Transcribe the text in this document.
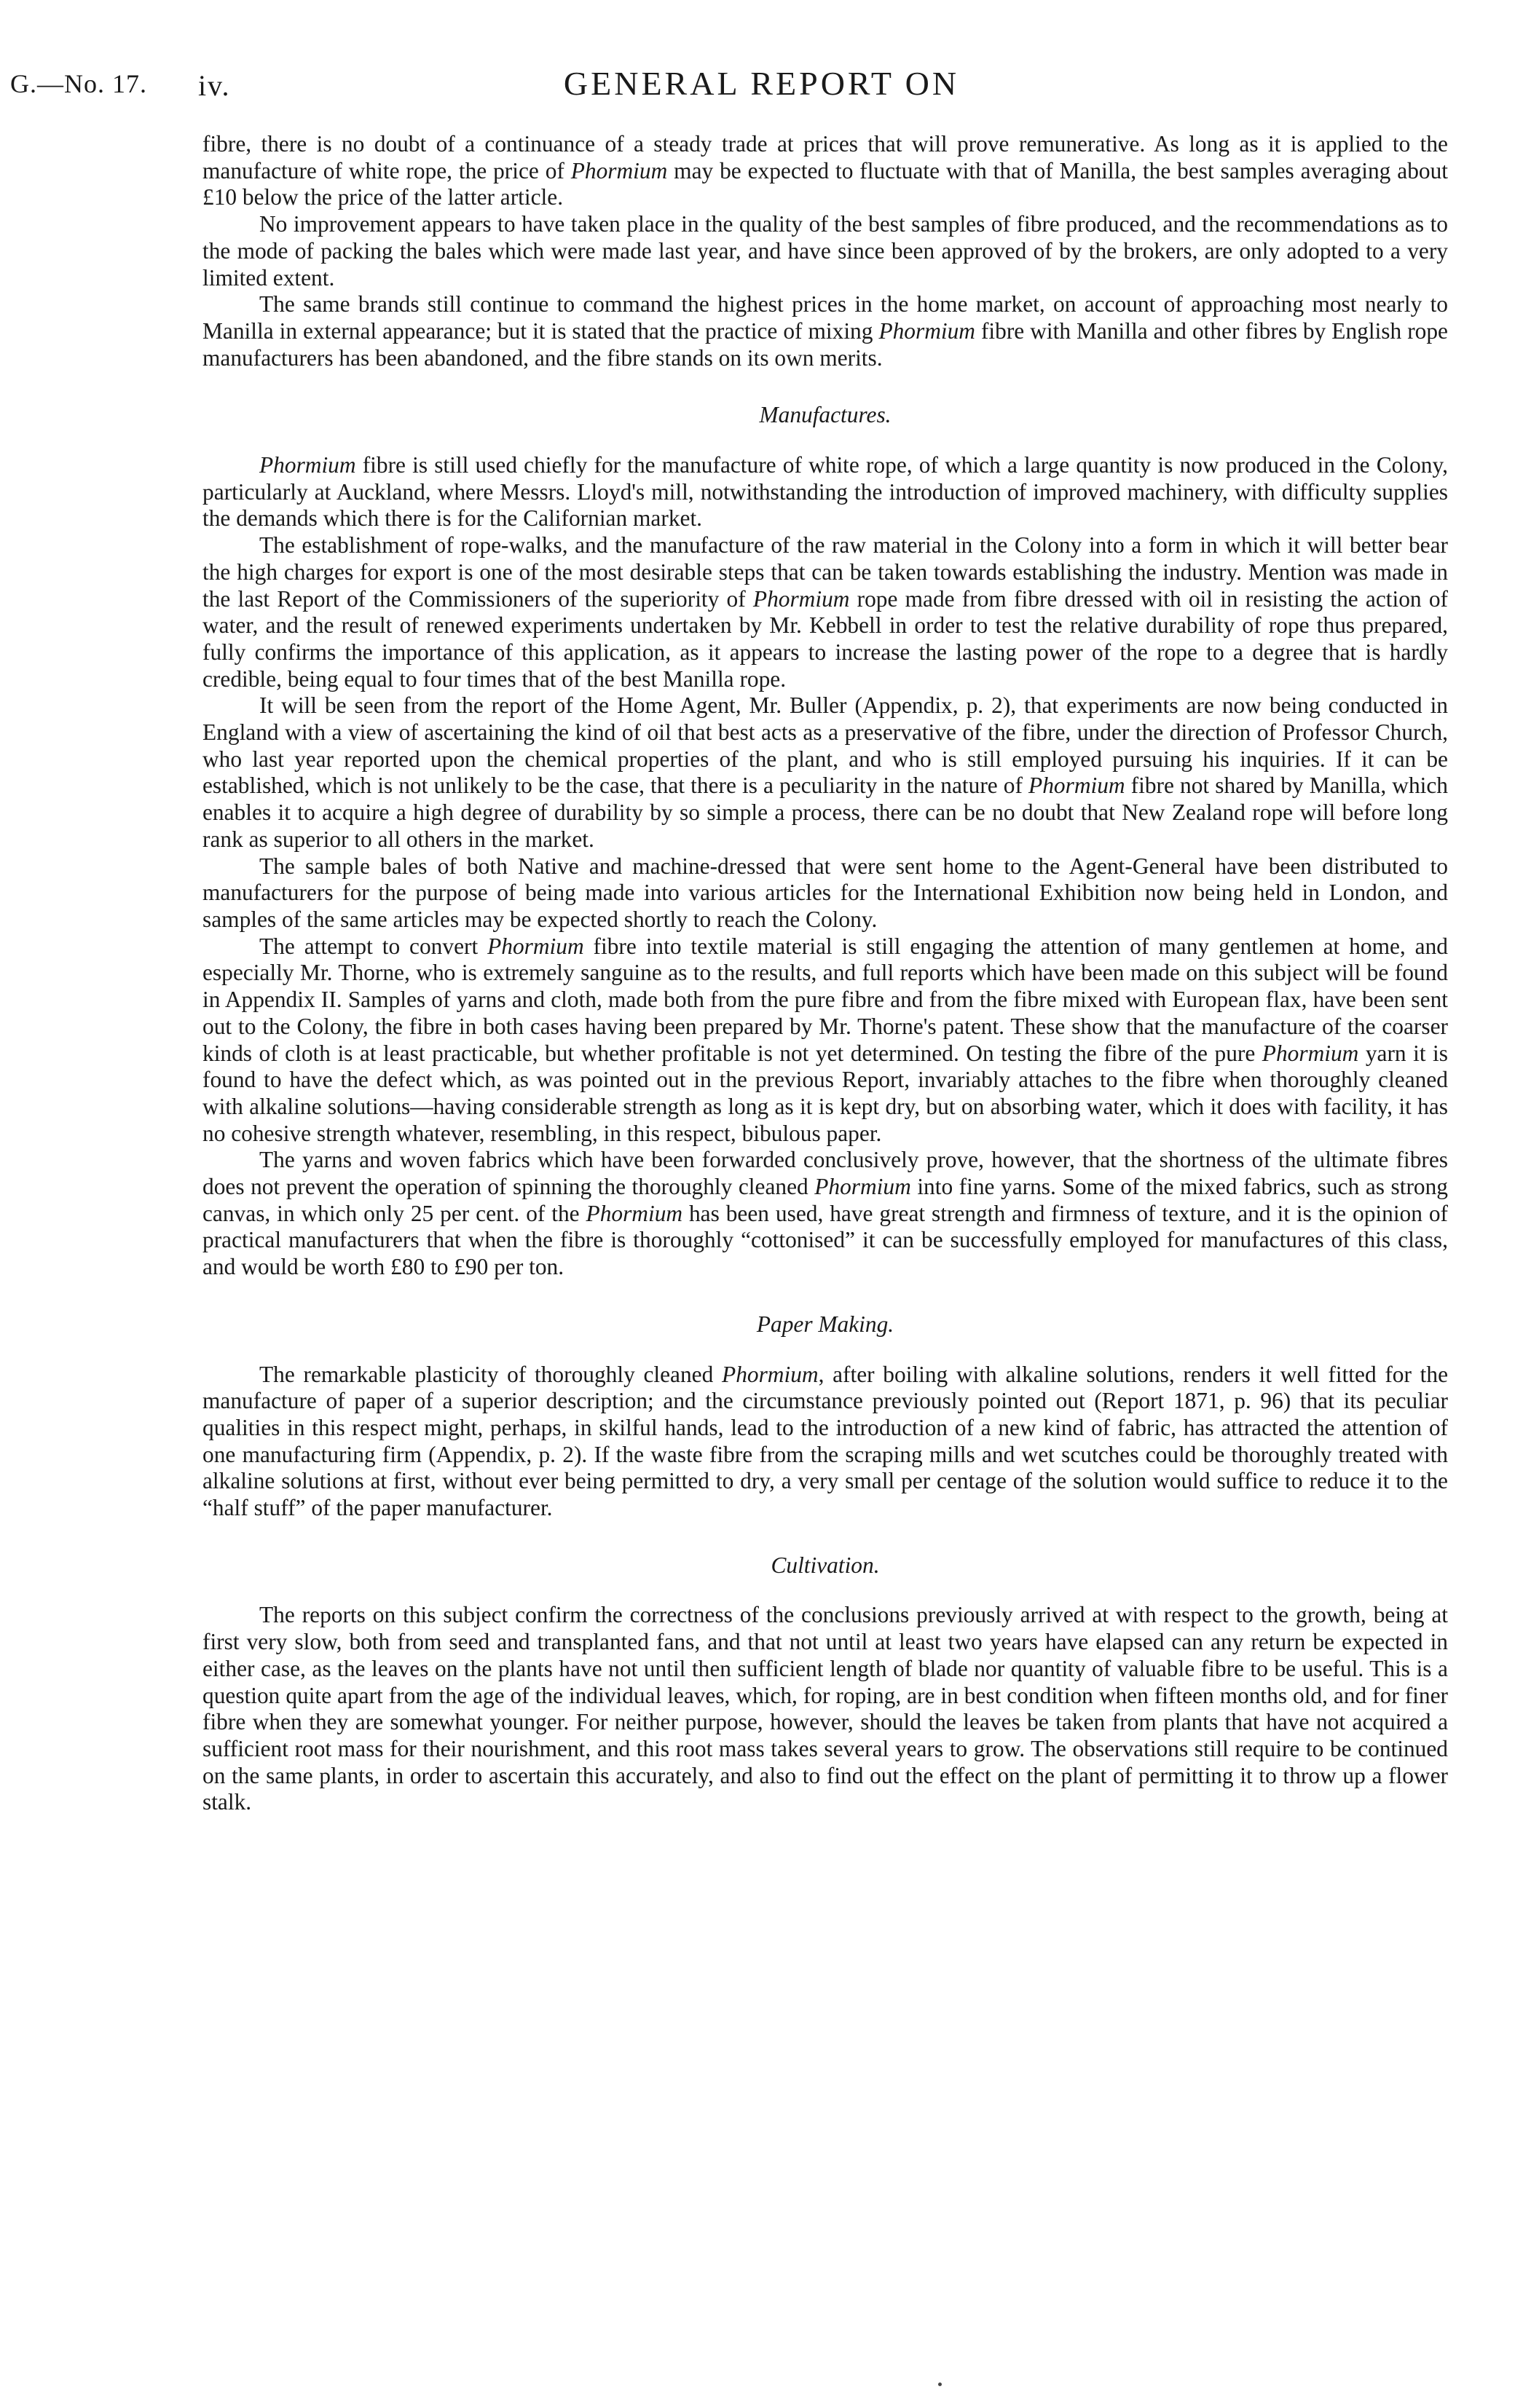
G.—No. 17. iv.	GENERAL REPORT ON

fibre, there is no doubt of a continuance of a steady trade at prices that will prove remunerative. As long as it is applied to the manufacture of white rope, the price of Phormium may be expected to fluctuate with that of Manilla, the best samples averaging about £10 below the price of the latter article.

No improvement appears to have taken place in the quality of the best samples of fibre produced, and the recommendations as to the mode of packing the bales which were made last year, and have since been approved of by the brokers, are only adopted to a very limited extent.

The same brands still continue to command the highest prices in the home market, on account of approaching most nearly to Manilla in external appearance; but it is stated that the practice of mixing Phormium fibre with Manilla and other fibres by English rope manufacturers has been abandoned, and the fibre stands on its own merits.

Manufactures.

Phormium fibre is still used chiefly for the manufacture of white rope, of which a large quantity is now produced in the Colony, particularly at Auckland, where Messrs. Lloyd's mill, notwithstanding the introduction of improved machinery, with difficulty supplies the demands which there is for the Californian market.

The establishment of rope-walks, and the manufacture of the raw material in the Colony into a form in which it will better bear the high charges for export is one of the most desirable steps that can be taken towards establishing the industry. Mention was made in the last Report of the Commissioners of the superiority of Phormium rope made from fibre dressed with oil in resisting the action of water, and the result of renewed experiments undertaken by Mr. Kebbell in order to test the relative durability of rope thus prepared, fully confirms the importance of this application, as it appears to increase the lasting power of the rope to a degree that is hardly credible, being equal to four times that of the best Manilla rope.

It will be seen from the report of the Home Agent, Mr. Buller (Appendix, p. 2), that experiments are now being conducted in England with a view of ascertaining the kind of oil that best acts as a preservative of the fibre, under the direction of Professor Church, who last year reported upon the chemical properties of the plant, and who is still employed pursuing his inquiries. If it can be established, which is not unlikely to be the case, that there is a peculiarity in the nature of Phormium fibre not shared by Manilla, which enables it to acquire a high degree of durability by so simple a process, there can be no doubt that New Zealand rope will before long rank as superior to all others in the market.

The sample bales of both Native and machine-dressed that were sent home to the Agent-General have been distributed to manufacturers for the purpose of being made into various articles for the International Exhibition now being held in London, and samples of the same articles may be expected shortly to reach the Colony.

The attempt to convert Phormium fibre into textile material is still engaging the attention of many gentlemen at home, and especially Mr. Thorne, who is extremely sanguine as to the results, and full reports which have been made on this subject will be found in Appendix II. Samples of yarns and cloth, made both from the pure fibre and from the fibre mixed with European flax, have been sent out to the Colony, the fibre in both cases having been prepared by Mr. Thorne's patent. These show that the manufacture of the coarser kinds of cloth is at least practicable, but whether profitable is not yet determined. On testing the fibre of the pure Phormium yarn it is found to have the defect which, as was pointed out in the previous Report, invariably attaches to the fibre when thoroughly cleaned with alkaline solutions—having considerable strength as long as it is kept dry, but on absorbing water, which it does with facility, it has no cohesive strength whatever, resembling, in this respect, bibulous paper.

The yarns and woven fabrics which have been forwarded conclusively prove, however, that the shortness of the ultimate fibres does not prevent the operation of spinning the thoroughly cleaned Phormium into fine yarns. Some of the mixed fabrics, such as strong canvas, in which only 25 per cent. of the Phormium has been used, have great strength and firmness of texture, and it is the opinion of practical manufacturers that when the fibre is thoroughly “cottonised” it can be successfully employed for manufactures of this class, and would be worth £80 to £90 per ton.

Paper Making.

The remarkable plasticity of thoroughly cleaned Phormium, after boiling with alkaline solutions, renders it well fitted for the manufacture of paper of a superior description; and the circumstance previously pointed out (Report 1871, p. 96) that its peculiar qualities in this respect might, perhaps, in skilful hands, lead to the introduction of a new kind of fabric, has attracted the attention of one manufacturing firm (Appendix, p. 2). If the waste fibre from the scraping mills and wet scutches could be thoroughly treated with alkaline solutions at first, without ever being permitted to dry, a very small per centage of the solution would suffice to reduce it to the “half stuff” of the paper manufacturer.

Cultivation.

The reports on this subject confirm the correctness of the conclusions previously arrived at with respect to the growth, being at first very slow, both from seed and transplanted fans, and that not until at least two years have elapsed can any return be expected in either case, as the leaves on the plants have not until then sufficient length of blade nor quantity of valuable fibre to be useful. This is a question quite apart from the age of the individual leaves, which, for roping, are in best condition when fifteen months old, and for finer fibre when they are somewhat younger. For neither purpose, however, should the leaves be taken from plants that have not acquired a sufficient root mass for their nourishment, and this root mass takes several years to grow. The observations still require to be continued on the same plants, in order to ascertain this accurately, and also to find out the effect on the plant of permitting it to throw up a flower stalk.
